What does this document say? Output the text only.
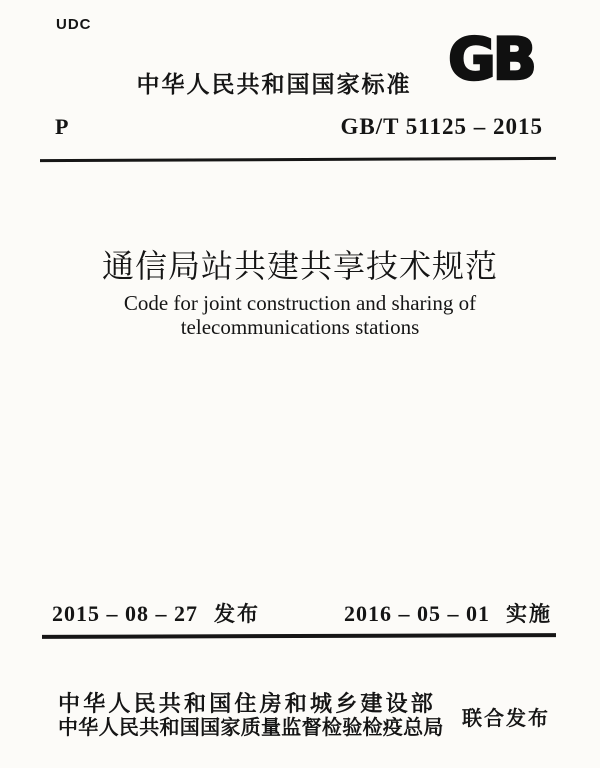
UDC
中华人民共和国国家标准 GB
P	GB/T 51125 – 2015
通信局站共建共享技术规范
Code for joint construction and sharing of
telecommunications stations
2015 – 08 – 27 发布	2016 – 05 – 01 实施
中华人民共和国住房和城乡建设部
中华人民共和国国家质量监督检验检疫总局 联合发布
